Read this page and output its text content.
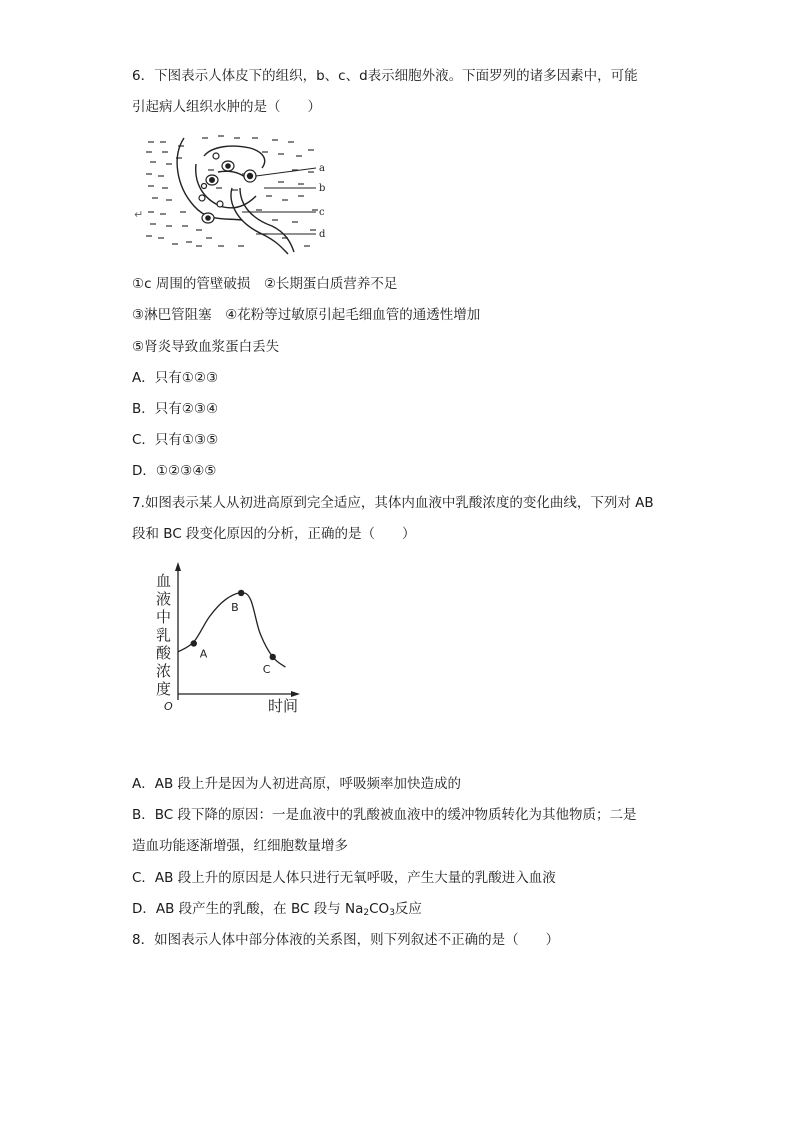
6．下图表示人体皮下的组织，b、c、d表示细胞外液。下面罗列的诸多因素中，可能
引起病人组织水肿的是（　　）
a
b
c
d
↵
①c 周围的管壁破损　②长期蛋白质营养不足
③淋巴管阻塞　④花粉等过敏原引起毛细血管的通透性增加
⑤肾炎导致血浆蛋白丢失
A．只有①②③
B．只有②③④
C．只有①③⑤
D．①②③④⑤
7.如图表示某人从初进高原到完全适应，其体内血液中乳酸浓度的变化曲线，下列对 AB
段和 BC 段变化原因的分析，正确的是（　　）
血
液
中
乳
酸
浓
度
O	时间
A
B
C
A．AB 段上升是因为人初进高原，呼吸频率加快造成的
B．BC 段下降的原因：一是血液中的乳酸被血液中的缓冲物质转化为其他物质；二是
造血功能逐渐增强，红细胞数量增多
C．AB 段上升的原因是人体只进行无氧呼吸，产生大量的乳酸进入血液
D．AB 段产生的乳酸，在 BC 段与 $Na_2CO_3$反应
8．如图表示人体中部分体液的关系图，则下列叙述不正确的是（　　）
